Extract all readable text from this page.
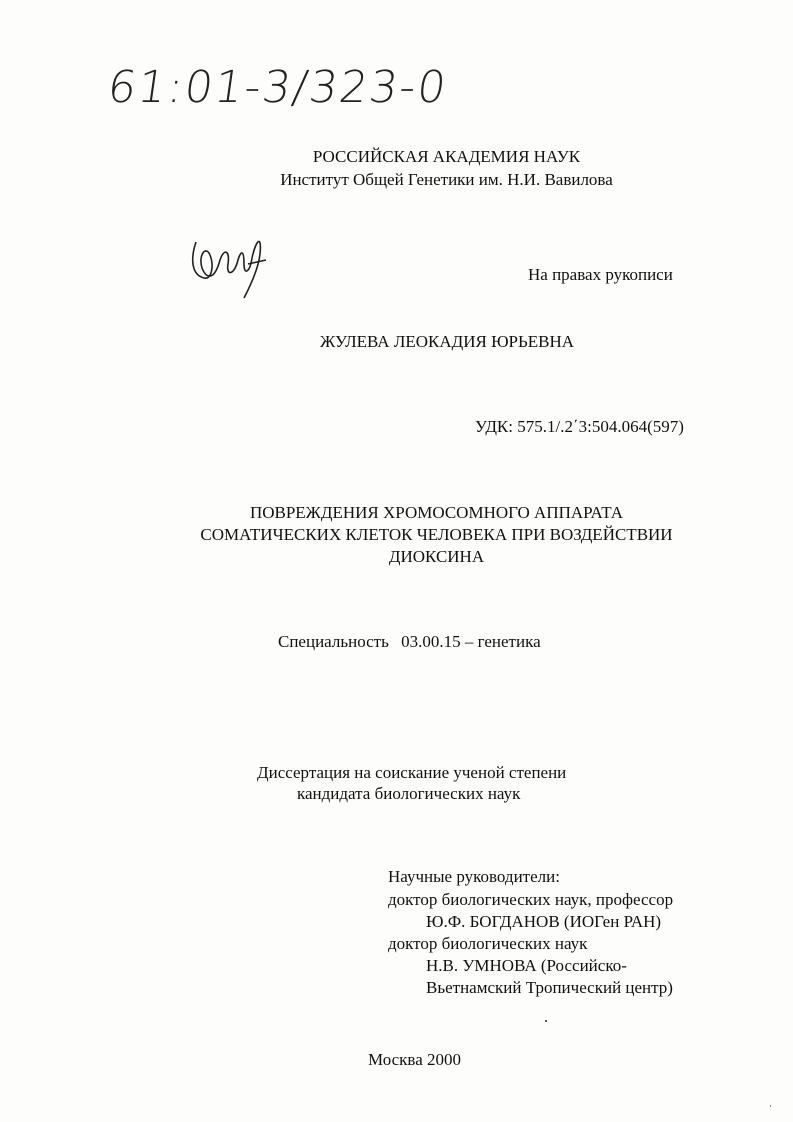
61:01-3/323-0
РОССИЙСКАЯ АКАДЕМИЯ НАУК
Институт Общей Генетики им. Н.И. Вавилова
На правах рукописи
ЖУЛЕВА ЛЕОКАДИЯ ЮРЬЕВНА
УДК: 575.1/.2΄3:504.064(597)
ПОВРЕЖДЕНИЯ ХРОМОСОМНОГО АППАРАТА
СОМАТИЧЕСКИХ КЛЕТОК ЧЕЛОВЕКА ПРИ ВОЗДЕЙСТВИИ
ДИОКСИНА
Специальность 03.00.15 – генетика
Диссертация на соискание ученой степени
кандидата биологических наук
Научные руководители:
доктор биологических наук, профессор
Ю.Ф. БОГДАНОВ (ИОГен РАН)
доктор биологических наук
Н.В. УМНОВА (Российско-
Вьетнамский Тропический центр)
Москва 2000
